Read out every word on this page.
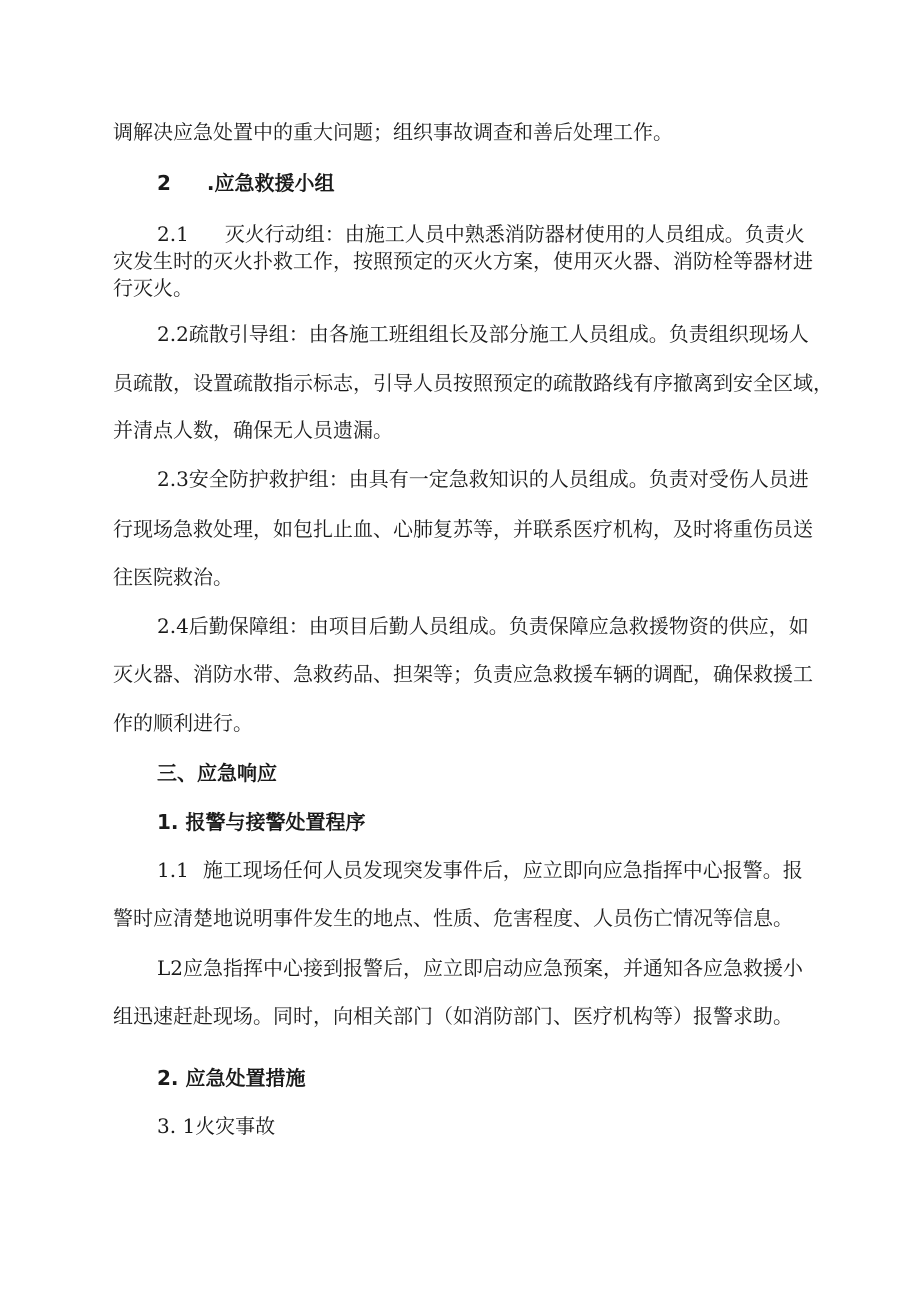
调解决应急处置中的重大问题；组织事故调查和善后处理工作。
2 .应急救援小组
2.1 灭火行动组：由施工人员中熟悉消防器材使用的人员组成。负责火
灾发生时的灭火扑救工作，按照预定的灭火方案，使用灭火器、消防栓等器材进
行灭火。
2.2疏散引导组：由各施工班组组长及部分施工人员组成。负责组织现场人
员疏散，设置疏散指示标志，引导人员按照预定的疏散路线有序撤离到安全区域，
并清点人数，确保无人员遗漏。
2.3安全防护救护组：由具有一定急救知识的人员组成。负责对受伤人员进
行现场急救处理，如包扎止血、心肺复苏等，并联系医疗机构，及时将重伤员送
往医院救治。
2.4后勤保障组：由项目后勤人员组成。负责保障应急救援物资的供应，如
灭火器、消防水带、急救药品、担架等；负责应急救援车辆的调配，确保救援工
作的顺利进行。
三、应急响应
1. 报警与接警处置程序
1.1 施工现场任何人员发现突发事件后，应立即向应急指挥中心报警。报
警时应清楚地说明事件发生的地点、性质、危害程度、人员伤亡情况等信息。
L2应急指挥中心接到报警后，应立即启动应急预案，并通知各应急救援小
组迅速赶赴现场。同时，向相关部门（如消防部门、医疗机构等）报警求助。
2. 应急处置措施
3. 1火灾事故
